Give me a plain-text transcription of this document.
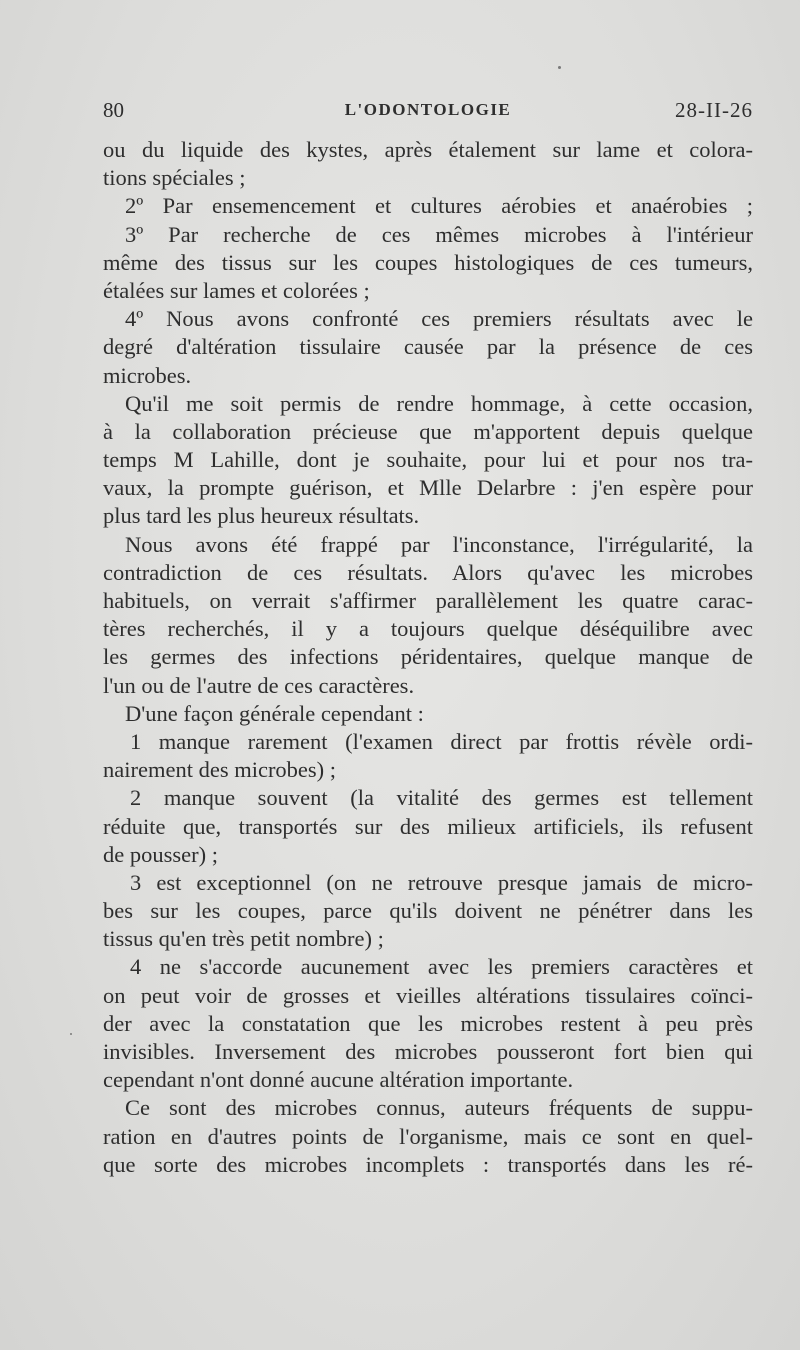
80	L'ODONTOLOGIE	28-II-26
ou du liquide des kystes, après étalement sur lame et colora-
tions spéciales ;
2º Par ensemencement et cultures aérobies et anaérobies ;
3º Par recherche de ces mêmes microbes à l'intérieur
même des tissus sur les coupes histologiques de ces tumeurs,
étalées sur lames et colorées ;
4º Nous avons confronté ces premiers résultats avec le
degré d'altération tissulaire causée par la présence de ces
microbes.
Qu'il me soit permis de rendre hommage, à cette occasion,
à la collaboration précieuse que m'apportent depuis quelque
temps M Lahille, dont je souhaite, pour lui et pour nos tra-
vaux, la prompte guérison, et Mlle Delarbre : j'en espère pour
plus tard les plus heureux résultats.
Nous avons été frappé par l'inconstance, l'irrégularité, la
contradiction de ces résultats. Alors qu'avec les microbes
habituels, on verrait s'affirmer parallèlement les quatre carac-
tères recherchés, il y a toujours quelque déséquilibre avec
les germes des infections péridentaires, quelque manque de
l'un ou de l'autre de ces caractères.
D'une façon générale cependant :
1 manque rarement (l'examen direct par frottis révèle ordi-
nairement des microbes) ;
2 manque souvent (la vitalité des germes est tellement
réduite que, transportés sur des milieux artificiels, ils refusent
de pousser) ;
3 est exceptionnel (on ne retrouve presque jamais de micro-
bes sur les coupes, parce qu'ils doivent ne pénétrer dans les
tissus qu'en très petit nombre) ;
4 ne s'accorde aucunement avec les premiers caractères et
on peut voir de grosses et vieilles altérations tissulaires coïnci-
der avec la constatation que les microbes restent à peu près
invisibles. Inversement des microbes pousseront fort bien qui
cependant n'ont donné aucune altération importante.
Ce sont des microbes connus, auteurs fréquents de suppu-
ration en d'autres points de l'organisme, mais ce sont en quel-
que sorte des microbes incomplets : transportés dans les ré-
